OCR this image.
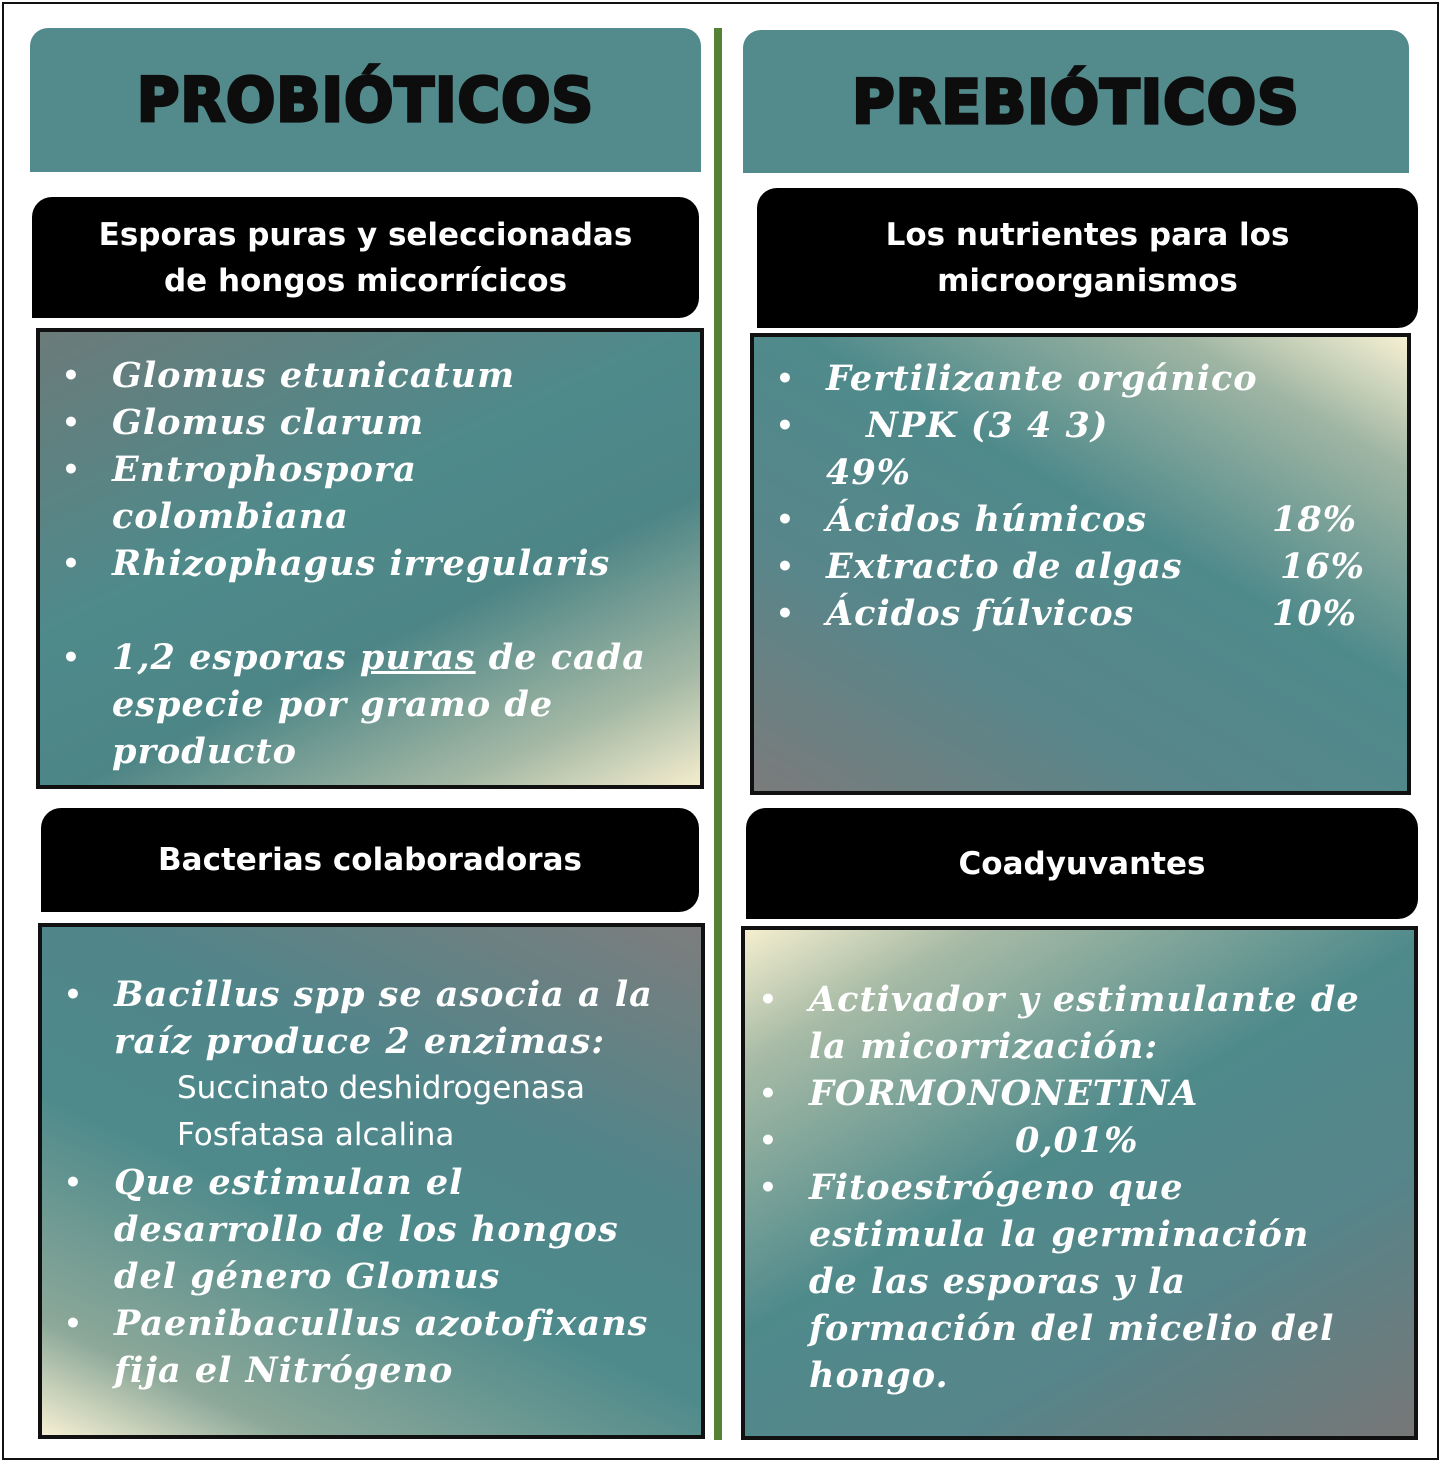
PROBIÓTICOS
Esporas puras y seleccionadas
de hongos micorrícicos
• Glomus etunicatum
• Glomus clarum
• Entrophospora
colombiana
• Rhizophagus irregularis
• 1,2 esporas puras de cada
especie por gramo de
producto
Bacterias colaboradoras
• Bacillus spp se asocia a la
raíz produce 2 enzimas:
Succinato deshidrogenasa
Fosfatasa alcalina
• Que estimulan el
desarrollo de los hongos
del género Glomus
• Paenibacullus azotofixans
fija el Nitrógeno
PREBIÓTICOS
Los nutrientes para los
microorganismos
• Fertilizante orgánico
• NPK (3 4 3)
49%
• Ácidos húmicos	18%
• Extracto de algas	16%
• Ácidos fúlvicos	10%
Coadyuvantes
• Activador y estimulante de
la micorrización:
• FORMONONETINA
• 0,01%
• Fitoestrógeno que
estimula la germinación
de las esporas y la
formación del micelio del
hongo.
